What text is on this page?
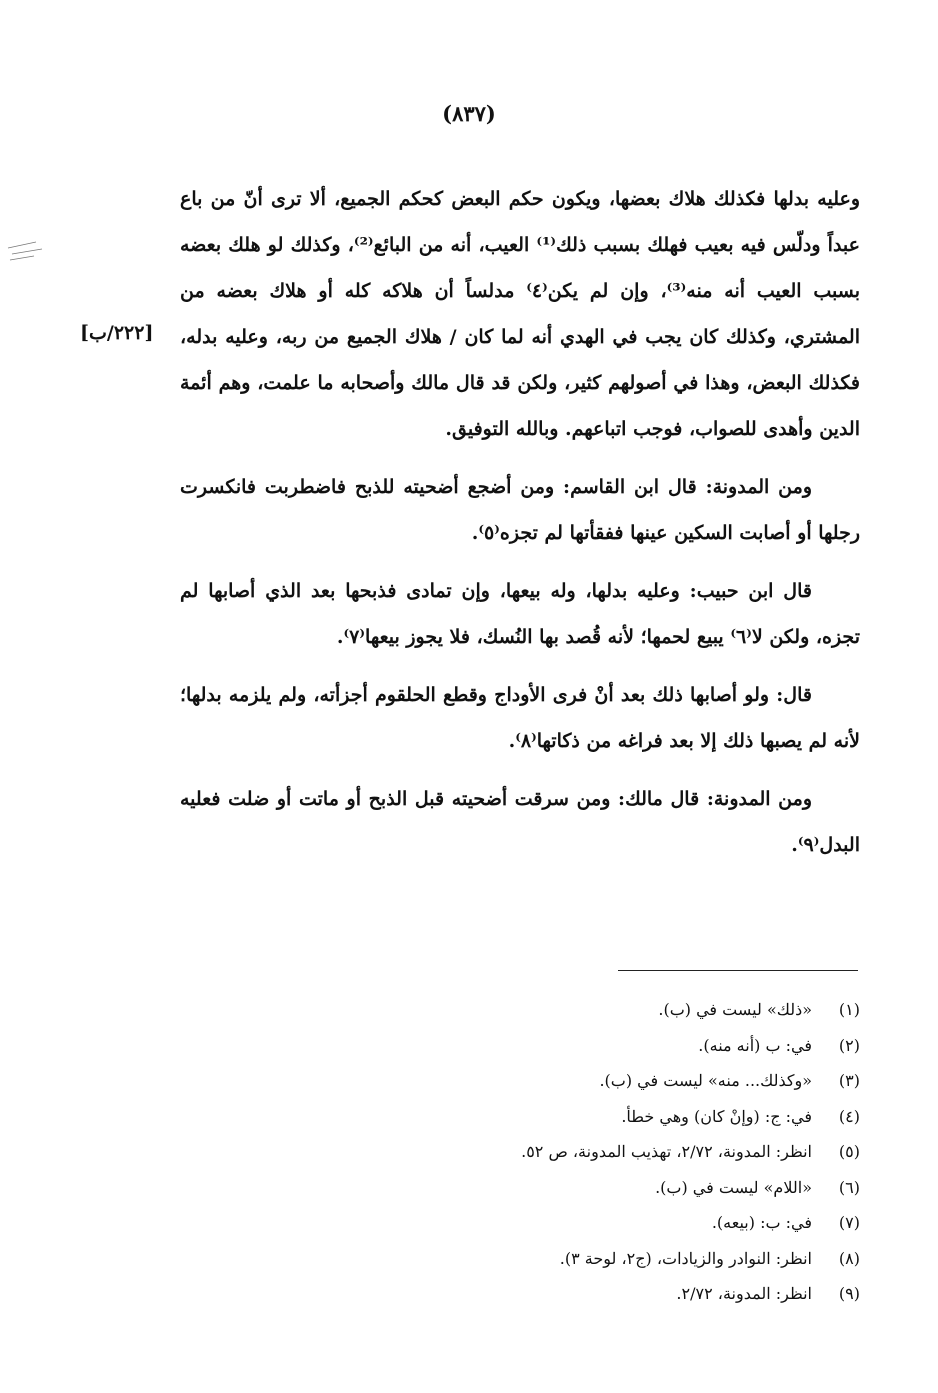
(٨٣٧)
[٢٢٢/ب]

وعليه بدلها فكذلك هلاك بعضها، ويكون حكم البعض كحكم الجميع، ألا ترى أنّ من باع عبداً ودلّس فيه بعيب فهلك بسبب ذلك⁽¹⁾ العيب، أنه من البائع⁽²⁾، وكذلك لو هلك بعضه بسبب العيب أنه منه⁽³⁾، وإن لم يكن⁽٤⁾ مدلساً أن هلاكه كله أو هلاك بعضه من المشتري، وكذلك كان يجب في الهدي أنه لما كان / هلاك الجميع من ربه، وعليه بدله، فكذلك البعض، وهذا في أصولهم كثير، ولكن قد قال مالك وأصحابه ما علمت، وهم أئمة الدين وأهدى للصواب، فوجب اتباعهم. وبالله التوفيق.

ومن المدونة: قال ابن القاسم: ومن أضجع أضحيته للذبح فاضطربت فانكسرت رجلها أو أصابت السكين عينها ففقأتها لم تجزه⁽٥⁾.

قال ابن حبيب: وعليه بدلها، وله بيعها، وإن تمادى فذبحها بعد الذي أصابها لم تجزه، ولكن لا⁽٦⁾ يبيع لحمها؛ لأنه قُصد بها النُسك، فلا يجوز بيعها⁽٧⁾.

قال: ولو أصابها ذلك بعد أنْ فرى الأوداج وقطع الحلقوم أجزأته، ولم يلزمه بدلها؛ لأنه لم يصبها ذلك إلا بعد فراغه من ذكاتها⁽٨⁾.

ومن المدونة: قال مالك: ومن سرقت أضحيته قبل الذبح أو ماتت أو ضلت فعليه البدل⁽٩⁾.

(١)
«ذلك» ليست في (ب).
(٢)
في: ب (أنه منه).
(٣)
«وكذلك... منه» ليست في (ب).
(٤)
في: ج: (وإنْ كان) وهي خطأ.
(٥)
انظر: المدونة، ٢/٧٢، تهذيب المدونة، ص ٥٢.
(٦)
«اللام» ليست في (ب).
(٧)
في: ب: (بيعه).
(٨)
انظر: النوادر والزيادات، (ج٢، لوحة ٣).
(٩)
انظر: المدونة، ٢/٧٢.
